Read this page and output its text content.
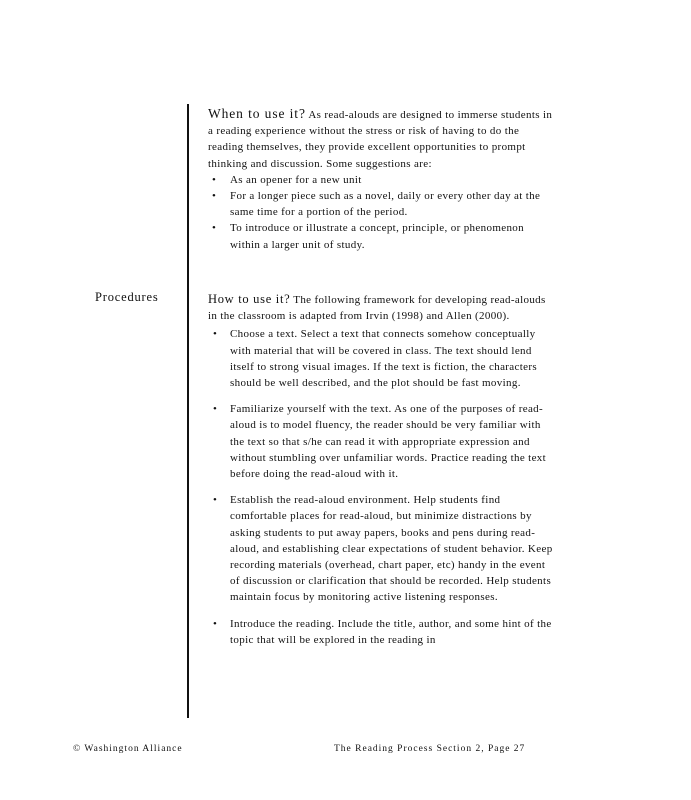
Procedures
When to use it? As read-alouds are designed to immerse students in a reading experience without the stress or risk of having to do the reading themselves, they provide excellent opportunities to prompt thinking and discussion. Some suggestions are:
• As an opener for a new unit
• For a longer piece such as a novel, daily or every other day at the same time for a portion of the period.
• To introduce or illustrate a concept, principle, or phenomenon within a larger unit of study.
How to use it? The following framework for developing read-alouds in the classroom is adapted from Irvin (1998) and Allen (2000).
• Choose a text. Select a text that connects somehow conceptually with material that will be covered in class. The text should lend itself to strong visual images. If the text is fiction, the characters should be well described, and the plot should be fast moving.
• Familiarize yourself with the text. As one of the purposes of read-aloud is to model fluency, the reader should be very familiar with the text so that s/he can read it with appropriate expression and without stumbling over unfamiliar words. Practice reading the text before doing the read-aloud with it.
• Establish the read-aloud environment. Help students find comfortable places for read-aloud, but minimize distractions by asking students to put away papers, books and pens during read-aloud, and establishing clear expectations of student behavior. Keep recording materials (overhead, chart paper, etc) handy in the event of discussion or clarification that should be recorded. Help students maintain focus by monitoring active listening responses.
• Introduce the reading. Include the title, author, and some hint of the topic that will be explored in the reading in
© Washington Alliance	The Reading Process Section 2, Page 27
